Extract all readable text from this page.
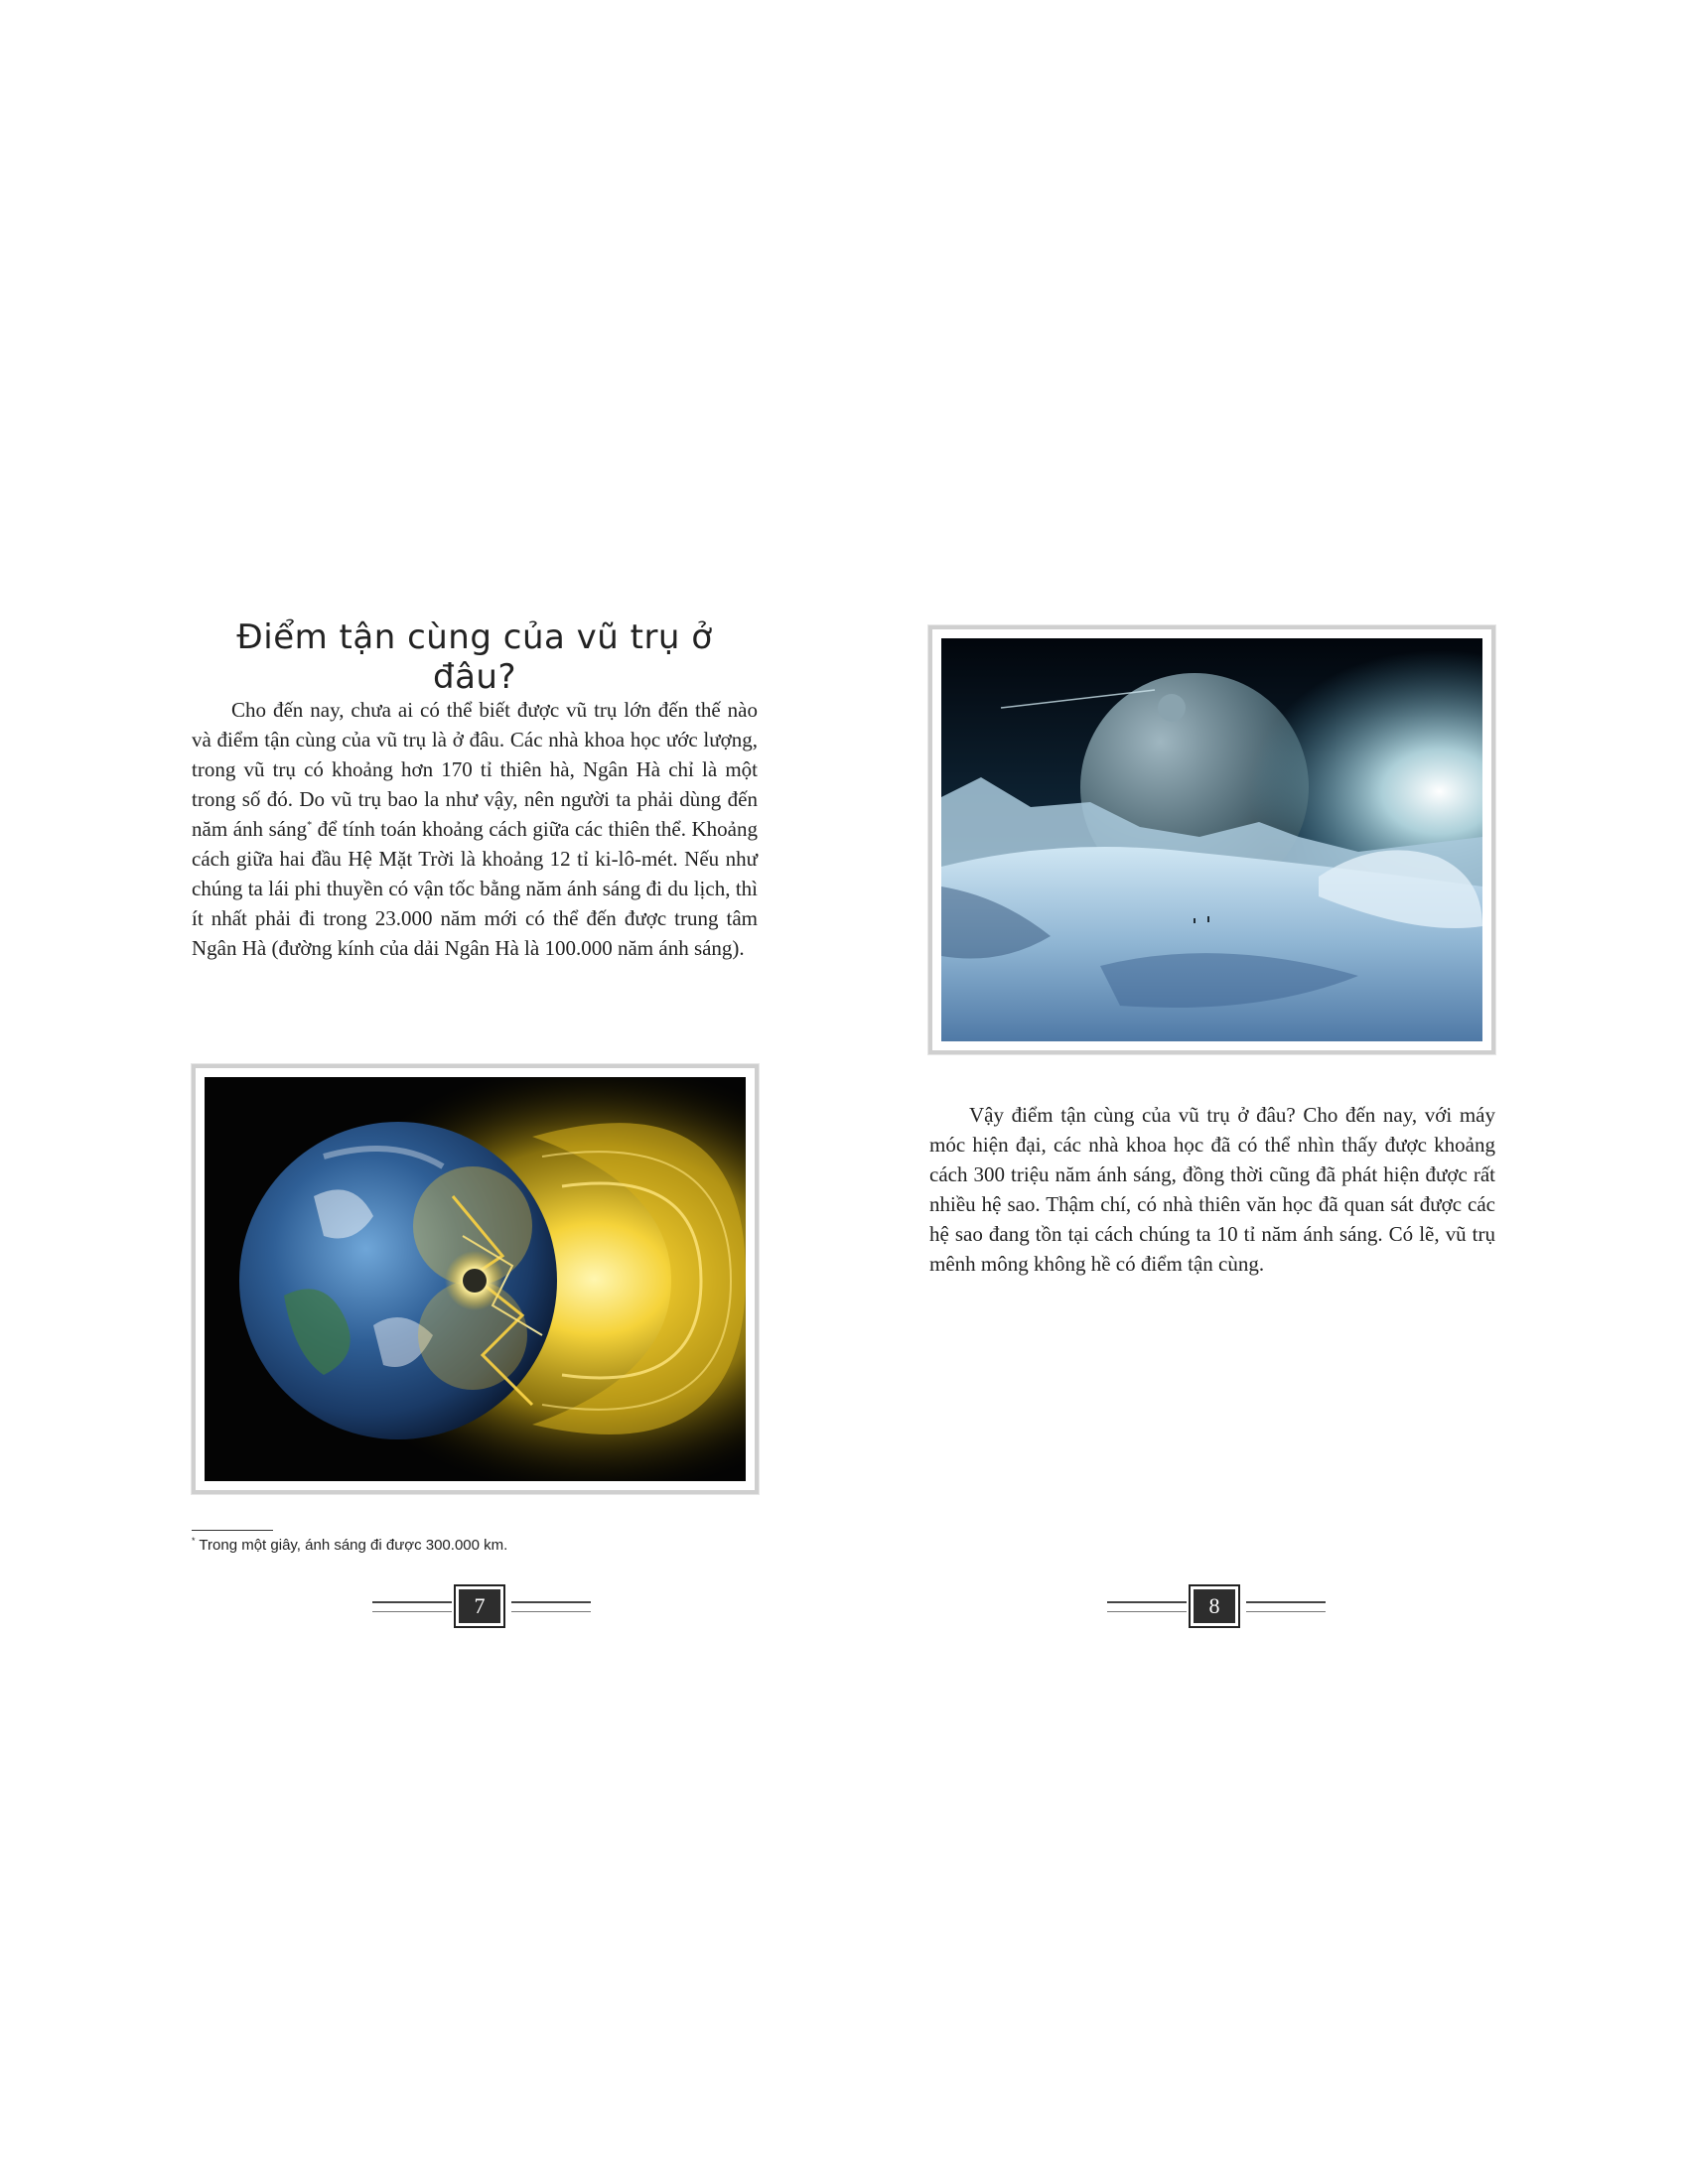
Điểm tận cùng của vũ trụ ở đâu?

Cho đến nay, chưa ai có thể biết được vũ trụ lớn đến thế nào và điểm tận cùng của vũ trụ là ở đâu. Các nhà khoa học ước lượng, trong vũ trụ có khoảng hơn 170 tỉ thiên hà, Ngân Hà chỉ là một trong số đó. Do vũ trụ bao la như vậy, nên người ta phải dùng đến năm ánh sáng* để tính toán khoảng cách giữa các thiên thể. Khoảng cách giữa hai đầu Hệ Mặt Trời là khoảng 12 tỉ ki-lô-mét. Nếu như chúng ta lái phi thuyền có vận tốc bằng năm ánh sáng đi du lịch, thì ít nhất phải đi trong 23.000 năm mới có thể đến được trung tâm Ngân Hà (đường kính của dải Ngân Hà là 100.000 năm ánh sáng).

* Trong một giây, ánh sáng đi được 300.000 km.
7

Vậy điểm tận cùng của vũ trụ ở đâu? Cho đến nay, với máy móc hiện đại, các nhà khoa học đã có thể nhìn thấy được khoảng cách 300 triệu năm ánh sáng, đồng thời cũng đã phát hiện được rất nhiều hệ sao. Thậm chí, có nhà thiên văn học đã quan sát được các hệ sao đang tồn tại cách chúng ta 10 tỉ năm ánh sáng. Có lẽ, vũ trụ mênh mông không hề có điểm tận cùng.

8
